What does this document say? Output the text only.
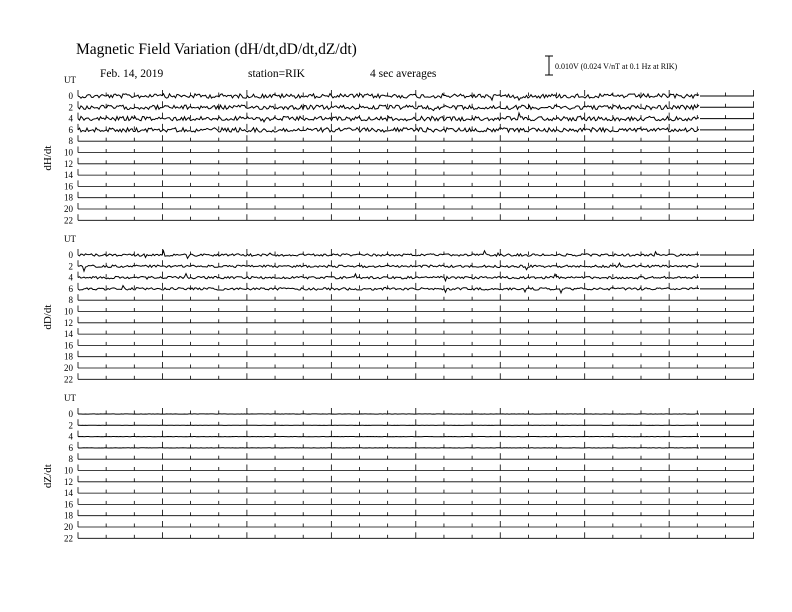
Magnetic Field Variation (dH/dt,dD/dt,dZ/dt)
Feb. 14, 2019	station=RIK	4 sec averages
0.010V (0.024 V/nT at 0.1 Hz at RIK)
UT
dH/dt
0
2
4
6
8
10
12
14
16
18
20
22
UT
dD/dt
0
2
4
6
8
10
12
14
16
18
20
22
UT
dZ/dt
0
2
4
6
8
10
12
14
16
18
20
22
